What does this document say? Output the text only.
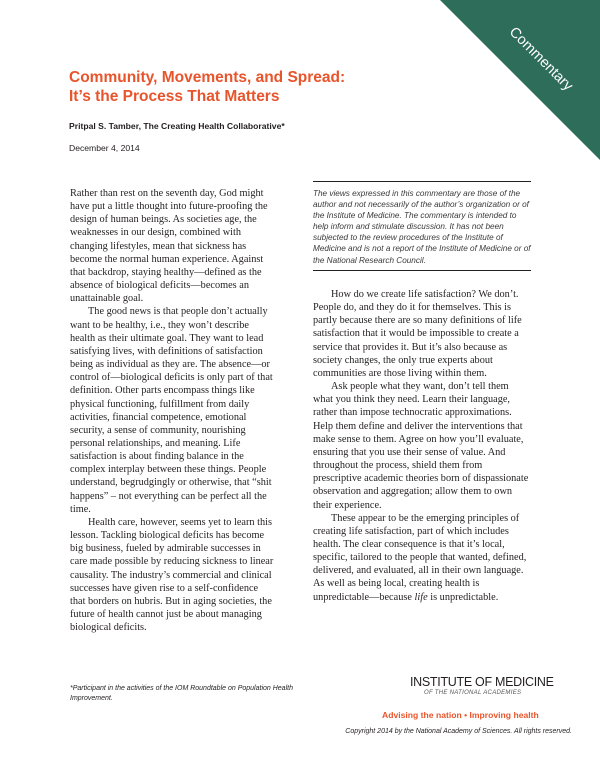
Commentary
Community, Movements, and Spread:
It’s the Process That Matters
Pritpal S. Tamber, The Creating Health Collaborative*
December 4, 2014

Rather than rest on the seventh day, God might have put a little thought into future-proofing the design of human beings. As societies age, the weaknesses in our design, combined with changing lifestyles, mean that sickness has become the normal human experience. Against that backdrop, staying healthy—defined as the absence of biological deficits—becomes an unattainable goal.

The good news is that people don’t actually want to be healthy, i.e., they won’t describe health as their ultimate goal. They want to lead satisfying lives, with definitions of satisfaction being as individual as they are. The absence—or control of—biological deficits is only part of that definition. Other parts encompass things like physical functioning, fulfillment from daily activities, financial competence, emotional security, a sense of community, nourishing personal relationships, and meaning. Life satisfaction is about finding balance in the complex interplay between these things. People understand, begrudgingly or otherwise, that “shit happens” – not everything can be perfect all the time.

Health care, however, seems yet to learn this lesson. Tackling biological deficits has become big business, fueled by admirable successes in care made possible by reducing sickness to linear causality. The industry’s commercial and clinical successes have given rise to a self-confidence that borders on hubris. But in aging societies, the future of health cannot just be about managing biological deficits.

The views expressed in this commentary are those of the author and not necessarily of the author’s organization or of the Institute of Medicine. The commentary is intended to help inform and stimulate discussion. It has not been subjected to the review procedures of the Institute of Medicine and is not a report of the Institute of Medicine or of the National Research Council.

How do we create life satisfaction? We don’t. People do, and they do it for themselves. This is partly because there are so many definitions of life satisfaction that it would be impossible to create a service that provides it. But it’s also because as society changes, the only true experts about communities are those living within them.

Ask people what they want, don’t tell them what you think they need. Learn their language, rather than impose technocratic approximations. Help them define and deliver the interventions that make sense to them. Agree on how you’ll evaluate, ensuring that you use their sense of value. And throughout the process, shield them from prescriptive academic theories born of dispassionate observation and aggregation; allow them to own their experience.

These appear to be the emerging principles of creating life satisfaction, part of which includes health. The clear consequence is that it’s local, specific, tailored to the people that wanted, defined, delivered, and evaluated, all in their own language.

As well as being local, creating health is unpredictable—because life is unpredictable.

*Participant in the activities of the IOM Roundtable on Population Health Improvement.
INSTITUTE OF MEDICINE
OF THE NATIONAL ACADEMIES
Advising the nation • Improving health
Copyright 2014 by the National Academy of Sciences. All rights reserved.
